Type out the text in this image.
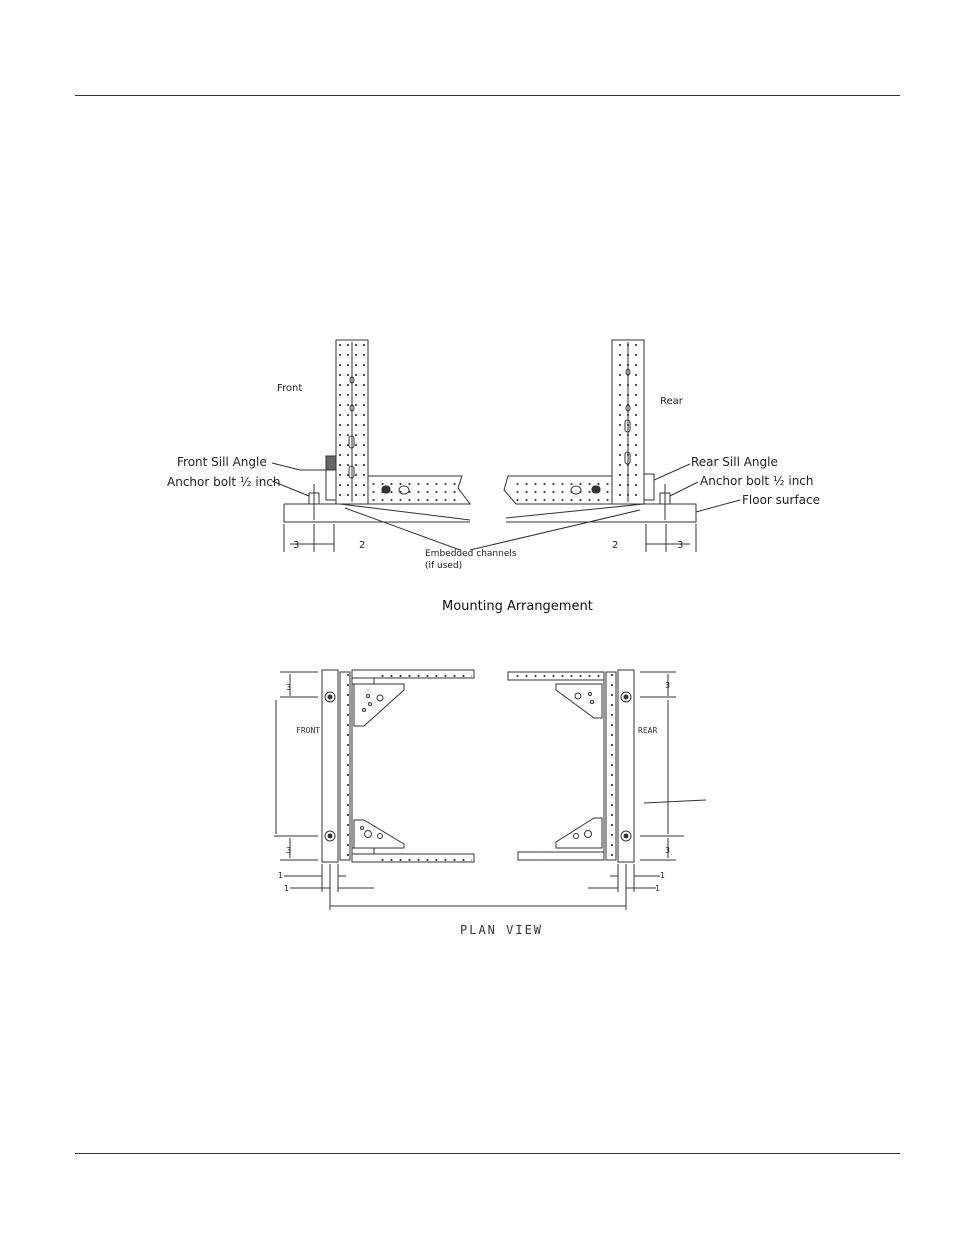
Front
Rear
Front Sill Angle
Anchor bolt ½ inch
Rear Sill Angle
Anchor bolt ½ inch
Floor surface
Embedded channels
(if used)
3	2	2	3
Mounting Arrangement
FRONT	REAR
3
3
3
3
1
1
1
1
PLAN VIEW
